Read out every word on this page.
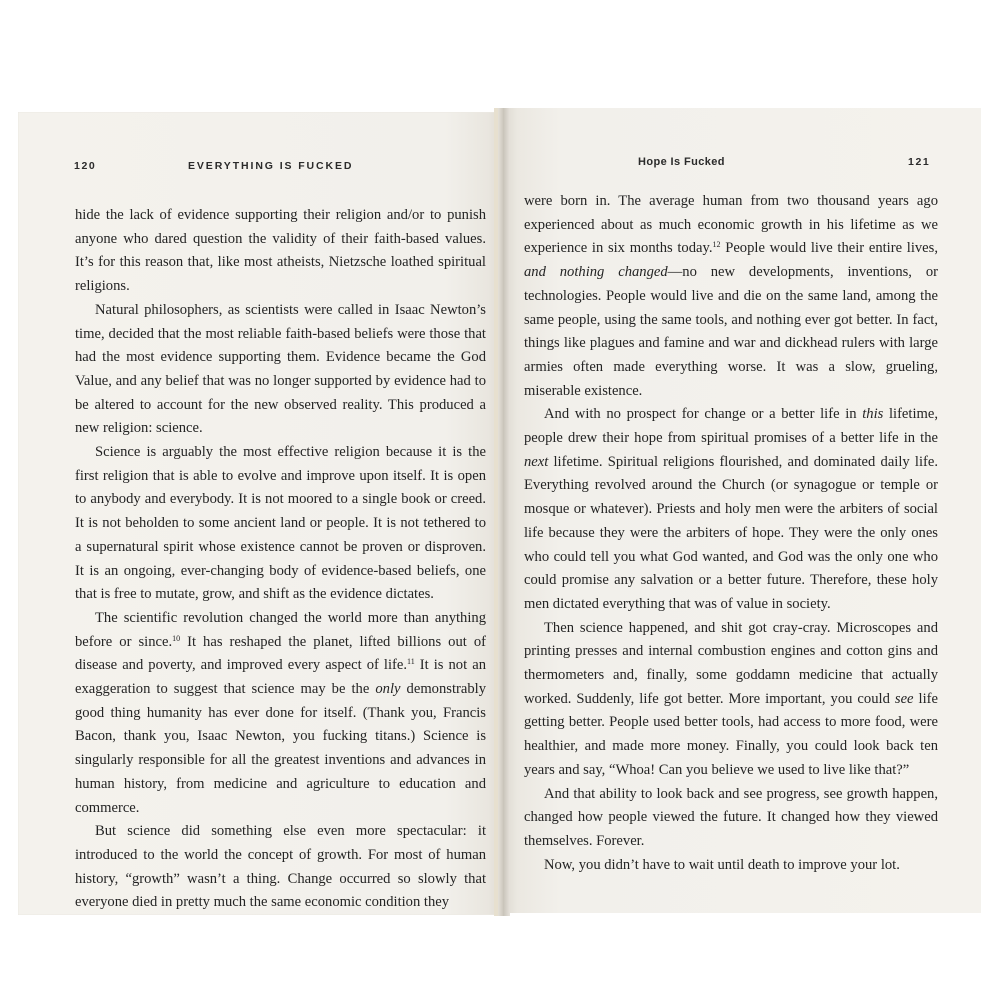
120	EVERYTHING IS FUCKED

hide the lack of evidence supporting their religion and/or to punish anyone who dared question the validity of their faith-based values. It’s for this reason that, like most atheists, Nietzsche loathed spiritual religions.

Natural philosophers, as scientists were called in Isaac Newton’s time, decided that the most reliable faith-based beliefs were those that had the most evidence supporting them. Evidence became the God Value, and any belief that was no longer supported by evidence had to be altered to account for the new observed reality. This produced a new religion: science.

Science is arguably the most effective religion because it is the first religion that is able to evolve and improve upon itself. It is open to anybody and everybody. It is not moored to a single book or creed. It is not beholden to some ancient land or people. It is not tethered to a supernatural spirit whose existence cannot be proven or disproven. It is an ongoing, ever-changing body of evidence-based beliefs, one that is free to mutate, grow, and shift as the evidence dictates.

The scientific revolution changed the world more than anything before or since.$^{10}$ It has reshaped the planet, lifted billions out of disease and poverty, and improved every aspect of life.$^{11}$ It is not an exaggeration to suggest that science may be the only demonstrably good thing humanity has ever done for itself. (Thank you, Francis Bacon, thank you, Isaac Newton, you fucking titans.) Science is singularly responsible for all the greatest inventions and advances in human history, from medicine and agriculture to education and commerce.

But science did something else even more spectacular: it introduced to the world the concept of growth. For most of human history, “growth” wasn’t a thing. Change occurred so slowly that everyone died in pretty much the same economic condition they

Hope Is Fucked	121

were born in. The average human from two thousand years ago experienced about as much economic growth in his lifetime as we experience in six months today.$^{12}$ People would live their entire lives, and nothing changed—no new developments, inventions, or technologies. People would live and die on the same land, among the same people, using the same tools, and nothing ever got better. In fact, things like plagues and famine and war and dickhead rulers with large armies often made everything worse. It was a slow, grueling, miserable existence.

And with no prospect for change or a better life in this lifetime, people drew their hope from spiritual promises of a better life in the next lifetime. Spiritual religions flourished, and dominated daily life. Everything revolved around the Church (or synagogue or temple or mosque or whatever). Priests and holy men were the arbiters of social life because they were the arbiters of hope. They were the only ones who could tell you what God wanted, and God was the only one who could promise any salvation or a better future. Therefore, these holy men dictated everything that was of value in society.

Then science happened, and shit got cray-cray. Microscopes and printing presses and internal combustion engines and cotton gins and thermometers and, finally, some goddamn medicine that actually worked. Suddenly, life got better. More important, you could see life getting better. People used better tools, had access to more food, were healthier, and made more money. Finally, you could look back ten years and say, “Whoa! Can you believe we used to live like that?”

And that ability to look back and see progress, see growth happen, changed how people viewed the future. It changed how they viewed themselves. Forever.

Now, you didn’t have to wait until death to improve your lot.
